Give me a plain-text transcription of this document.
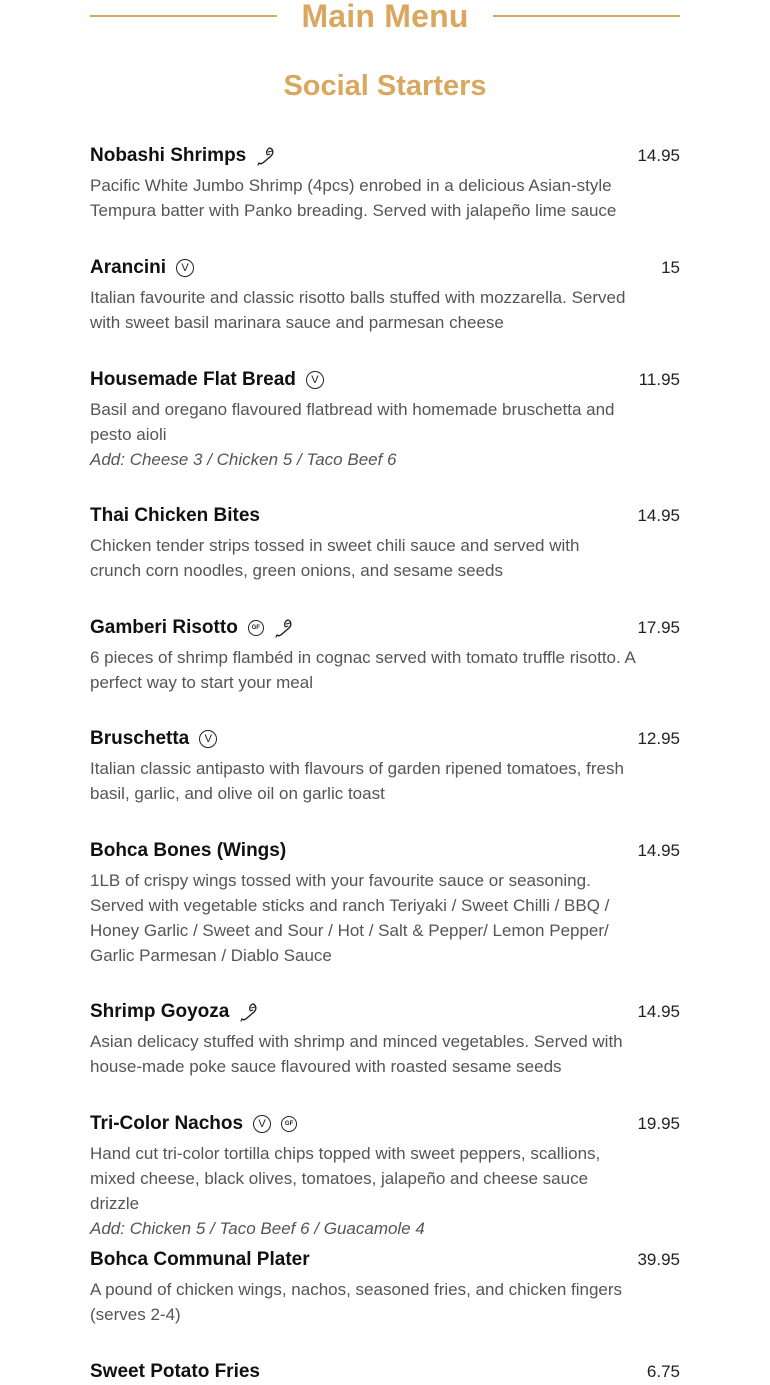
Main Menu
Social Starters
Nobashi Shrimps	14.95
Pacific White Jumbo Shrimp (4pcs) enrobed in a delicious Asian-style Tempura batter with Panko breading. Served with jalapeño lime sauce
Arancini	V	15
Italian favourite and classic risotto balls stuffed with mozzarella. Served with sweet basil marinara sauce and parmesan cheese
Housemade Flat Bread	V	11.95
Basil and oregano flavoured flatbread with homemade bruschetta and pesto aioli
Add: Cheese 3 / Chicken 5 / Taco Beef 6
Thai Chicken Bites	14.95
Chicken tender strips tossed in sweet chili sauce and served with crunch corn noodles, green onions, and sesame seeds
Gamberi Risotto	GF	17.95
6 pieces of shrimp flambéd in cognac served with tomato truffle risotto. A perfect way to start your meal
Bruschetta	V	12.95
Italian classic antipasto with flavours of garden ripened tomatoes, fresh basil, garlic, and olive oil on garlic toast
Bohca Bones (Wings)	14.95
1LB of crispy wings tossed with your favourite sauce or seasoning. Served with vegetable sticks and ranch Teriyaki / Sweet Chilli / BBQ / Honey Garlic / Sweet and Sour / Hot / Salt & Pepper/ Lemon Pepper/ Garlic Parmesan / Diablo Sauce
Shrimp Goyoza	14.95
Asian delicacy stuffed with shrimp and minced vegetables. Served with house-made poke sauce flavoured with roasted sesame seeds
Tri-Color Nachos	V	GF	19.95
Hand cut tri-color tortilla chips topped with sweet peppers, scallions, mixed cheese, black olives, tomatoes, jalapeño and cheese sauce drizzle
Add: Chicken 5 / Taco Beef 6 / Guacamole 4
Bohca Communal Plater	39.95
A pound of chicken wings, nachos, seasoned fries, and chicken fingers (serves 2-4)
Sweet Potato Fries	6.75
